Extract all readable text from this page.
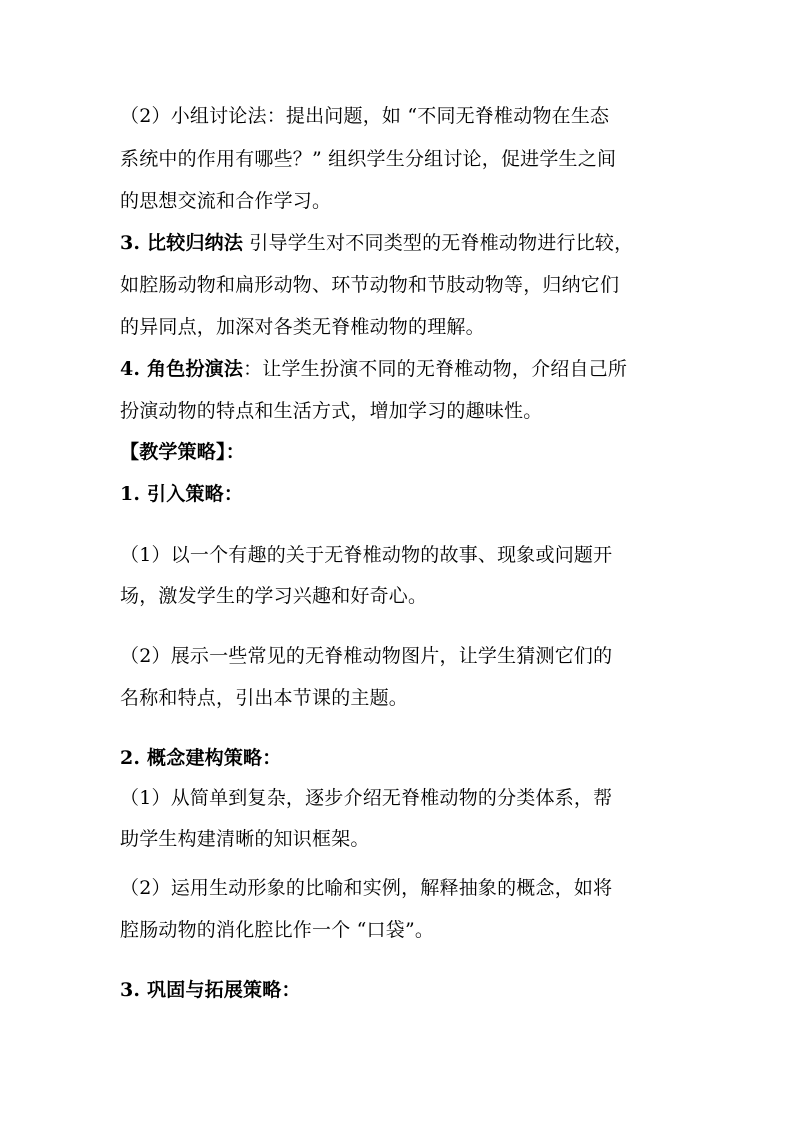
（2）小组讨论法：提出问题，如 “不同无脊椎动物在生态
系统中的作用有哪些？” 组织学生分组讨论，促进学生之间
的思想交流和合作学习。
3. 比较归纳法 引导学生对不同类型的无脊椎动物进行比较，
如腔肠动物和扁形动物、环节动物和节肢动物等，归纳它们
的异同点，加深对各类无脊椎动物的理解。
4. 角色扮演法：让学生扮演不同的无脊椎动物，介绍自己所
扮演动物的特点和生活方式，增加学习的趣味性。
【教学策略】：
1. 引入策略：
（1）以一个有趣的关于无脊椎动物的故事、现象或问题开
场，激发学生的学习兴趣和好奇心。
（2）展示一些常见的无脊椎动物图片，让学生猜测它们的
名称和特点，引出本节课的主题。
2. 概念建构策略：
（1）从简单到复杂，逐步介绍无脊椎动物的分类体系，帮
助学生构建清晰的知识框架。
（2）运用生动形象的比喻和实例，解释抽象的概念，如将
腔肠动物的消化腔比作一个 “口袋”。
3. 巩固与拓展策略：
